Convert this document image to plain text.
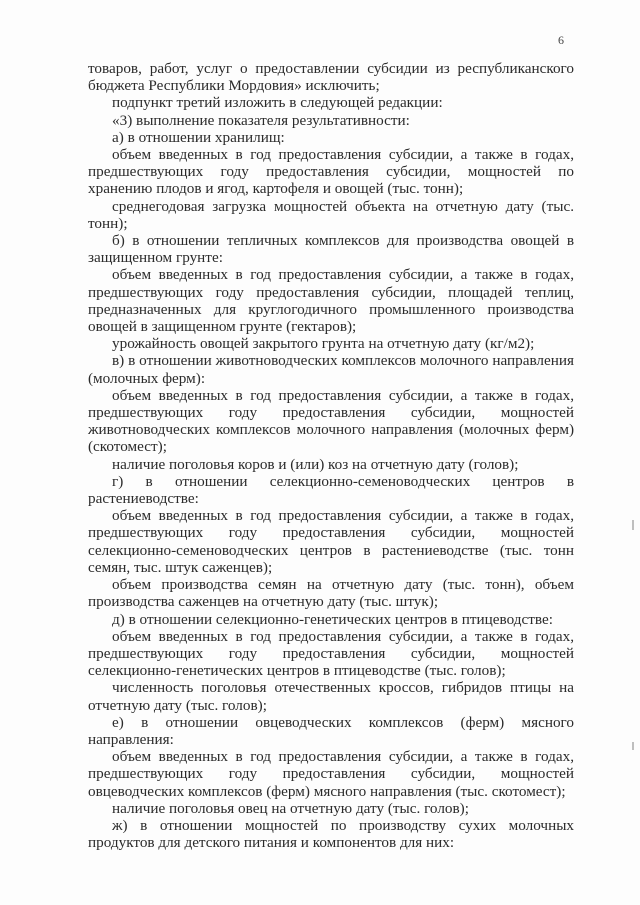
6

товаров, работ, услуг о предоставлении субсидии из республиканского бюджета Республики Мордовия» исключить;

подпункт третий изложить в следующей редакции:

«3) выполнение показателя результативности:

а) в отношении хранилищ:

объем введенных в год предоставления субсидии, а также в годах, предшествующих году предоставления субсидии, мощностей по хранению плодов и ягод, картофеля и овощей (тыс. тонн);

среднегодовая загрузка мощностей объекта на отчетную дату (тыс. тонн);

б) в отношении тепличных комплексов для производства овощей в защищенном грунте:

объем введенных в год предоставления субсидии, а также в годах, предшествующих году предоставления субсидии, площадей теплиц, предназначенных для круглогодичного промышленного производства овощей в защищенном грунте (гектаров);

урожайность овощей закрытого грунта на отчетную дату (кг/м2);

в) в отношении животноводческих комплексов молочного направления (молочных ферм):

объем введенных в год предоставления субсидии, а также в годах, предшествующих году предоставления субсидии, мощностей животноводческих комплексов молочного направления (молочных ферм) (скотомест);

наличие поголовья коров и (или) коз на отчетную дату (голов);

г) в отношении селекционно-семеноводческих центров в растениеводстве:

объем введенных в год предоставления субсидии, а также в годах, предшествующих году предоставления субсидии, мощностей селекционно-семеноводческих центров в растениеводстве (тыс. тонн семян, тыс. штук саженцев);

объем производства семян на отчетную дату (тыс. тонн), объем производства саженцев на отчетную дату (тыс. штук);

д) в отношении селекционно-генетических центров в птицеводстве:

объем введенных в год предоставления субсидии, а также в годах, предшествующих году предоставления субсидии, мощностей селекционно-генетических центров в птицеводстве (тыс. голов);

численность поголовья отечественных кроссов, гибридов птицы на отчетную дату (тыс. голов);

е) в отношении овцеводческих комплексов (ферм) мясного направления:

объем введенных в год предоставления субсидии, а также в годах, предшествующих году предоставления субсидии, мощностей овцеводческих комплексов (ферм) мясного направления (тыс. скотомест);

наличие поголовья овец на отчетную дату (тыс. голов);

ж) в отношении мощностей по производству сухих молочных продуктов для детского питания и компонентов для них:
